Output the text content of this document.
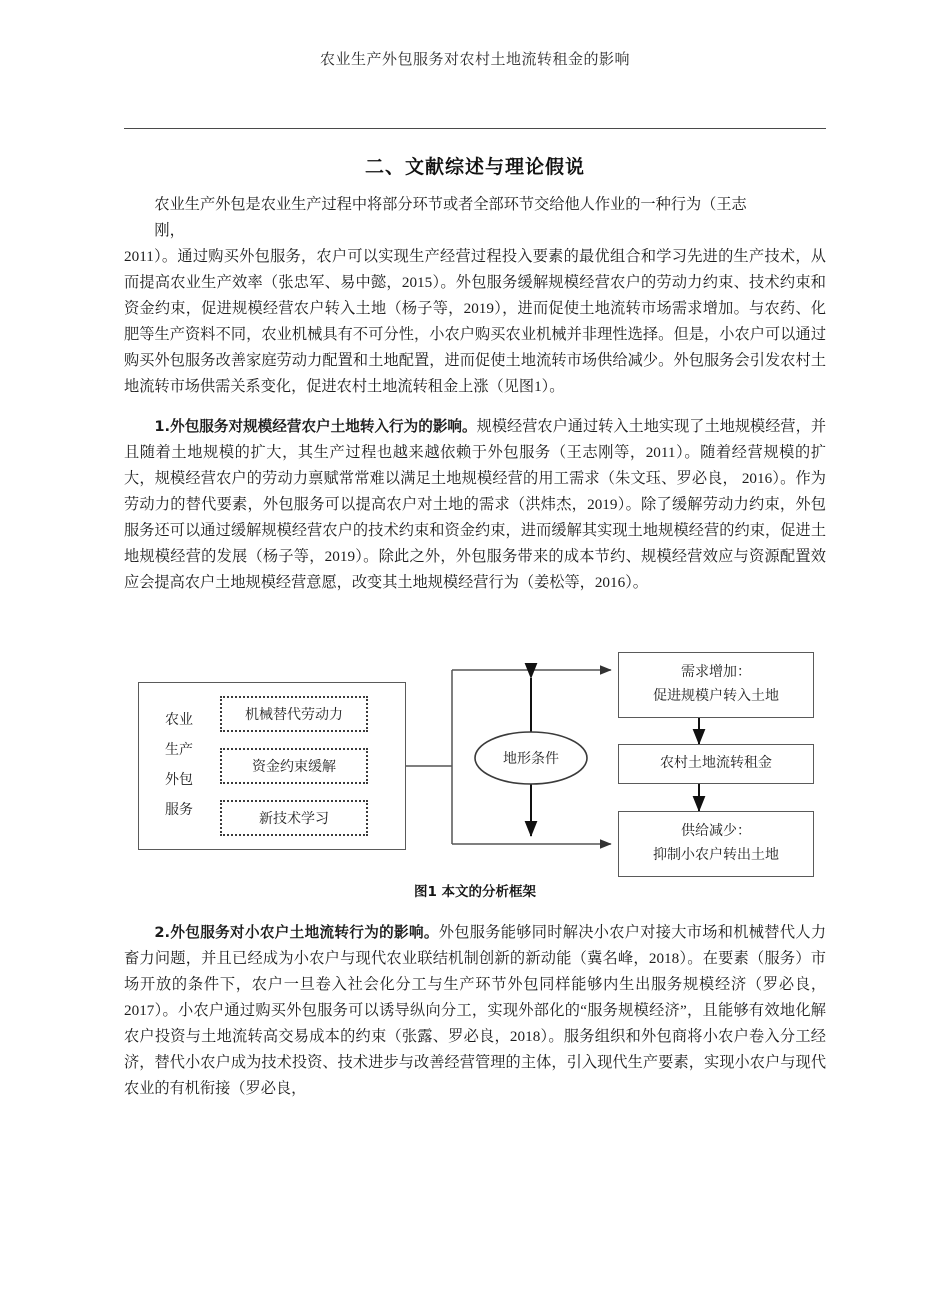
农业生产外包服务对农村土地流转租金的影响
二、文献综述与理论假说

农业生产外包是农业生产过程中将部分环节或者全部环节交给他人作业的一种行为（王志

刚，

2011）。通过购买外包服务，农户可以实现生产经营过程投入要素的最优组合和学习先进的生产技术，从而提高农业生产效率（张忠军、易中懿，2015）。外包服务缓解规模经营农户的劳动力约束、技术约束和资金约束，促进规模经营农户转入土地（杨子等，2019），进而促使土地流转市场需求增加。与农药、化肥等生产资料不同，农业机械具有不可分性，小农户购买农业机械并非理性选择。但是，小农户可以通过购买外包服务改善家庭劳动力配置和土地配置，进而促使土地流转市场供给减少。外包服务会引发农村土地流转市场供需关系变化，促进农村土地流转租金上涨（见图1）。

1.外包服务对规模经营农户土地转入行为的影响。规模经营农户通过转入土地实现了土地规模经营，并且随着土地规模的扩大，其生产过程也越来越依赖于外包服务（王志刚等，2011）。随着经营规模的扩大，规模经营农户的劳动力禀赋常常难以满足土地规模经营的用工需求（朱文珏、罗必良， 2016）。作为劳动力的替代要素，外包服务可以提高农户对土地的需求（洪炜杰，2019）。除了缓解劳动力约束，外包服务还可以通过缓解规模经营农户的技术约束和资金约束，进而缓解其实现土地规模经营的约束，促进土地规模经营的发展（杨子等，2019）。除此之外，外包服务带来的成本节约、规模经营效应与资源配置效应会提高农户土地规模经营意愿，改变其土地规模经营行为（姜松等，2016）。

农业
生产
外包
服务
机械替代劳动力
资金约束缓解
新技术学习
地形条件
需求增加：
促进规模户转入土地
农村土地流转租金
供给减少：
抑制小农户转出土地
图1 本文的分析框架

2.外包服务对小农户土地流转行为的影响。外包服务能够同时解决小农户对接大市场和机械替代人力畜力问题，并且已经成为小农户与现代农业联结机制创新的新动能（冀名峰，2018）。在要素（服务）市场开放的条件下，农户一旦卷入社会化分工与生产环节外包同样能够内生出服务规模经济（罗必良，2017）。小农户通过购买外包服务可以诱导纵向分工，实现外部化的“服务规模经济”，且能够有效地化解农户投资与土地流转高交易成本的约束（张露、罗必良，2018）。服务组织和外包商将小农户卷入分工经济，替代小农户成为技术投资、技术进步与改善经营管理的主体，引入现代生产要素，实现小农户与现代农业的有机衔接（罗必良，
